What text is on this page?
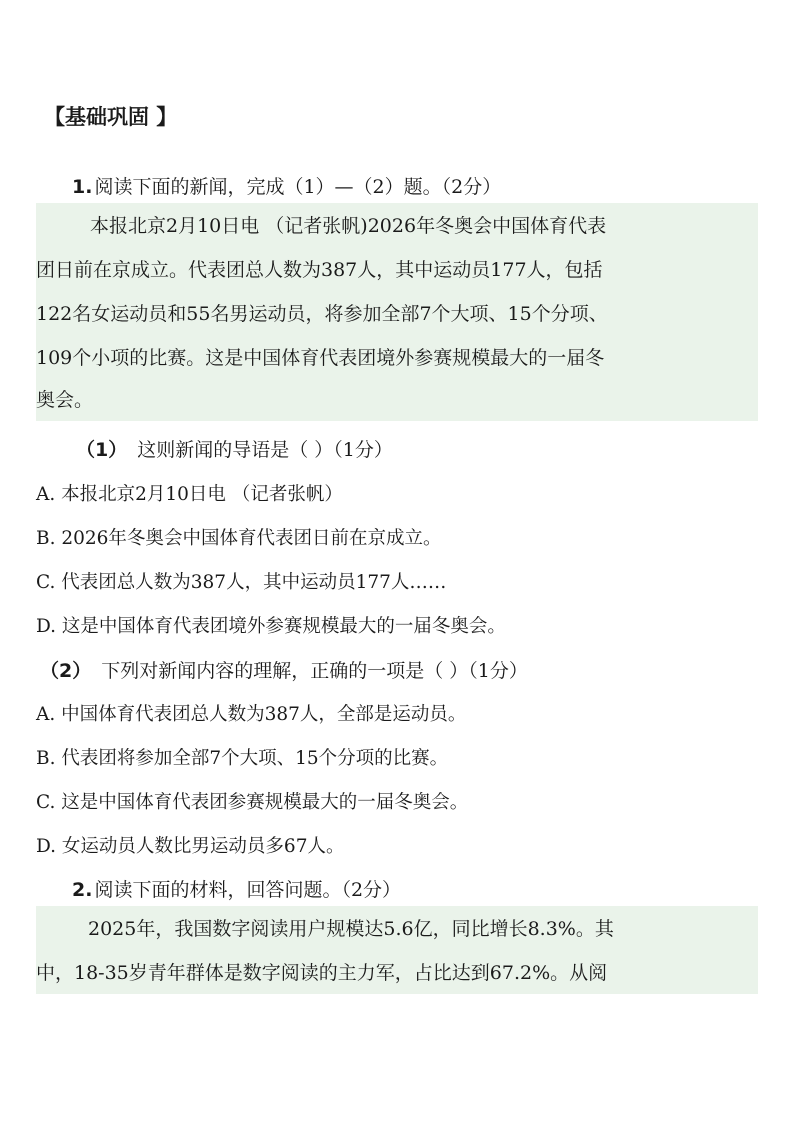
【基础巩固 】
1. 阅读下面的新闻，完成（1）—（2）题。（2分）
本报北京2月10日电 （记者张帆)2026年冬奥会中国体育代表
团日前在京成立。代表团总人数为387人，其中运动员177人，包括
122名女运动员和55名男运动员，将参加全部7个大项、15个分项、
109个小项的比赛。这是中国体育代表团境外参赛规模最大的一届冬
奥会。
（1） 这则新闻的导语是（ ）（1分）
A. 本报北京2月10日电 （记者张帆）
B. 2026年冬奥会中国体育代表团日前在京成立。
C. 代表团总人数为387人，其中运动员177人……
D. 这是中国体育代表团境外参赛规模最大的一届冬奥会。
（2） 下列对新闻内容的理解，正确的一项是（ ）（1分）
A. 中国体育代表团总人数为387人，全部是运动员。
B. 代表团将参加全部7个大项、15个分项的比赛。
C. 这是中国体育代表团参赛规模最大的一届冬奥会。
D. 女运动员人数比男运动员多67人。
2. 阅读下面的材料，回答问题。（2分）
2025年，我国数字阅读用户规模达5.6亿，同比增长8.3%。其
中，18-35岁青年群体是数字阅读的主力军，占比达到67.2%。从阅
